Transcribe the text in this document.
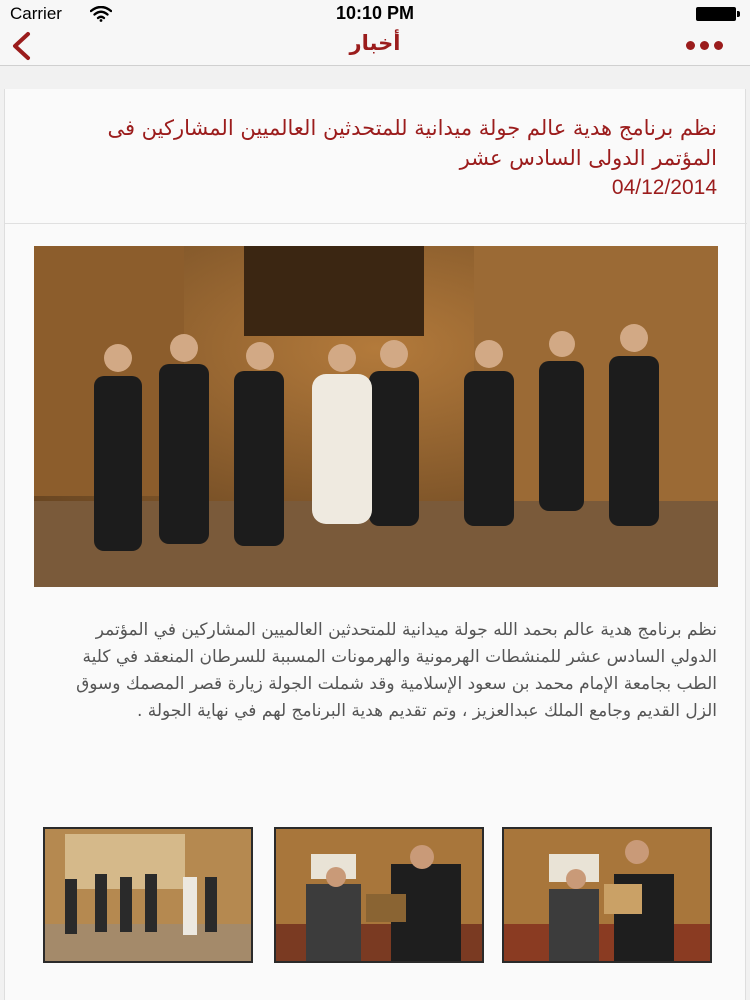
Carrier	10:10 PM
أخبار
نظم برنامج هدية عالم جولة ميدانية للمتحدثين العالميين المشاركين فى المؤتمر الدولى السادس عشر
04/12/2014
نظم برنامج هدية عالم بحمد الله جولة ميدانية للمتحدثين العالميين المشاركين في المؤتمر الدولي السادس عشر للمنشطات الهرمونية والهرمونات المسببة للسرطان المنعقد في كلية الطب بجامعة الإمام محمد بن سعود الإسلامية وقد شملت الجولة زيارة قصر المصمك وسوق الزل القديم وجامع الملك عبدالعزيز ، وتم تقديم هدية البرنامج لهم في نهاية الجولة .
